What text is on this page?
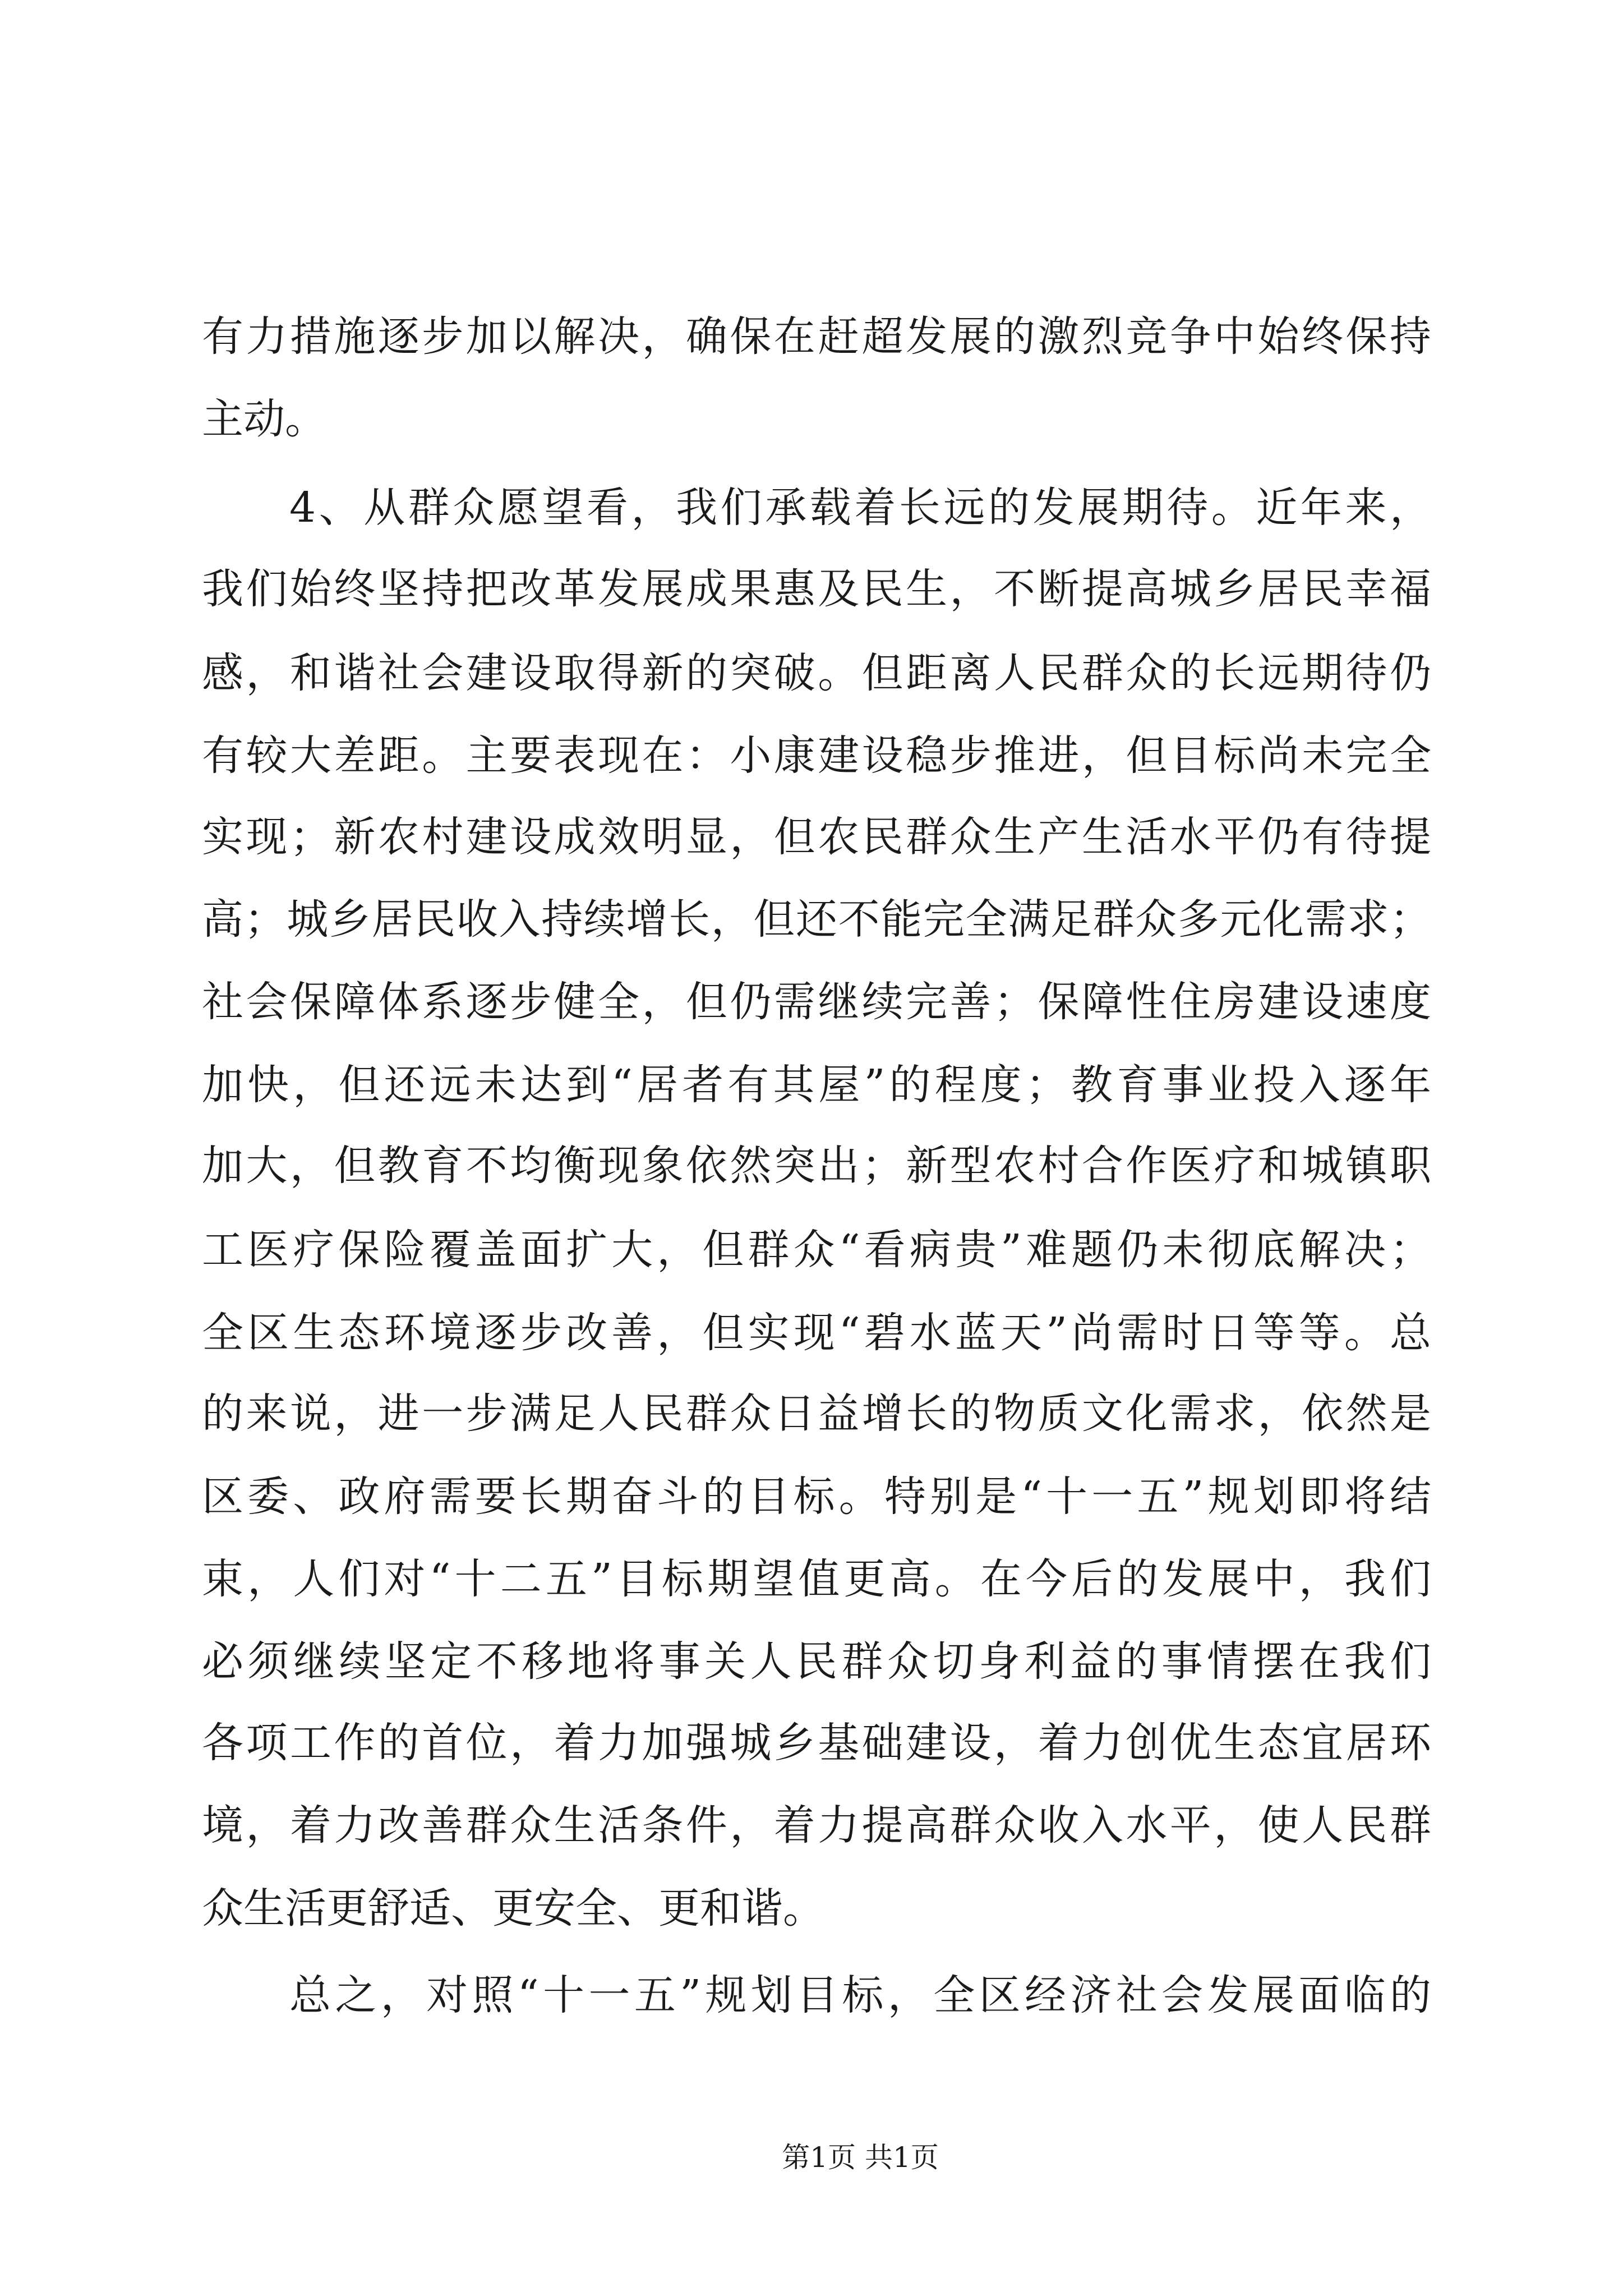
有力措施逐步加以解决，确保在赶超发展的激烈竞争中始终保持
主动。
4、从群众愿望看，我们承载着长远的发展期待。近年来，
我们始终坚持把改革发展成果惠及民生，不断提高城乡居民幸福
感，和谐社会建设取得新的突破。但距离人民群众的长远期待仍
有较大差距。主要表现在：小康建设稳步推进，但目标尚未完全
实现；新农村建设成效明显，但农民群众生产生活水平仍有待提
高；城乡居民收入持续增长，但还不能完全满足群众多元化需求；
社会保障体系逐步健全，但仍需继续完善；保障性住房建设速度
加快，但还远未达到“居者有其屋”的程度；教育事业投入逐年
加大，但教育不均衡现象依然突出；新型农村合作医疗和城镇职
工医疗保险覆盖面扩大，但群众“看病贵”难题仍未彻底解决；
全区生态环境逐步改善，但实现“碧水蓝天”尚需时日等等。总
的来说，进一步满足人民群众日益增长的物质文化需求，依然是
区委、政府需要长期奋斗的目标。特别是“十一五”规划即将结
束，人们对“十二五”目标期望值更高。在今后的发展中，我们
必须继续坚定不移地将事关人民群众切身利益的事情摆在我们
各项工作的首位，着力加强城乡基础建设，着力创优生态宜居环
境，着力改善群众生活条件，着力提高群众收入水平，使人民群
众生活更舒适、更安全、更和谐。
总之，对照“十一五”规划目标，全区经济社会发展面临的
第1页 共1页
